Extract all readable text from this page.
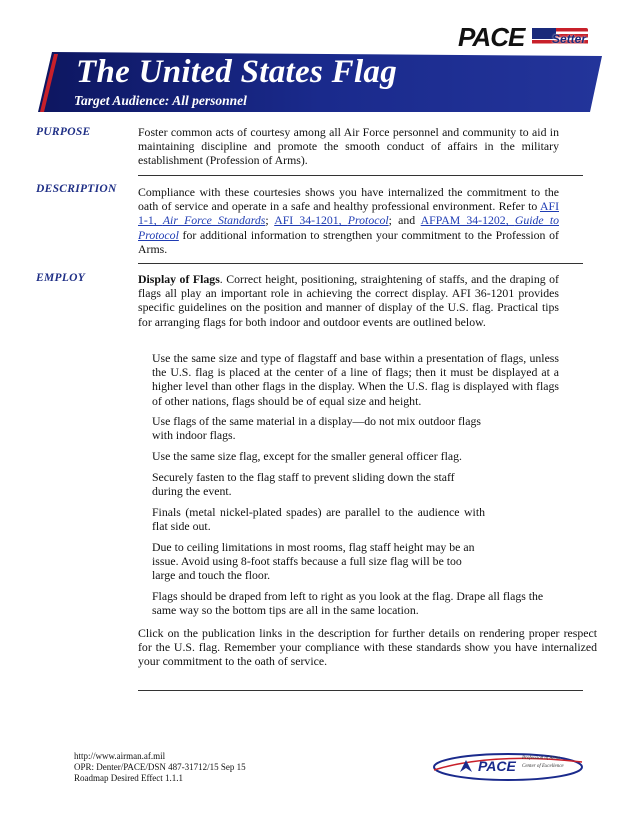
PACE Setter
The United States Flag
Target Audience: All personnel
PURPOSE	Foster common acts of courtesy among all Air Force personnel and community to aid in maintaining discipline and promote the smooth conduct of affairs in the military establishment (Profession of Arms).
DESCRIPTION Compliance with these courtesies shows you have internalized the commitment to the oath of service and operate in a safe and healthy professional environment. Refer to AFI 1-1, Air Force Standards; AFI 34-1201, Protocol; and AFPAM 34-1202, Guide to Protocol for additional information to strengthen your commitment to the Profession of Arms.
EMPLOY	Display of Flags. Correct height, positioning, straightening of staffs, and the draping of flags all play an important role in achieving the correct display. AFI 36-1201 provides specific guidelines on the position and manner of display of the U.S. flag. Practical tips for arranging flags for both indoor and outdoor events are outlined below.
Use the same size and type of flagstaff and base within a presentation of flags, unless the U.S. flag is placed at the center of a line of flags; then it must be displayed at a higher level than other flags in the display. When the U.S. flag is displayed with flags of other nations, flags should be of equal size and height.
Use flags of the same material in a display—do not mix outdoor flags with indoor flags.
Use the same size flag, except for the smaller general officer flag.
Securely fasten to the flag staff to prevent sliding down the staff during the event.
Finals (metal nickel-plated spades) are parallel to the audience with flat side out.
Due to ceiling limitations in most rooms, flag staff height may be an issue. Avoid using 8-foot staffs because a full size flag will be too large and touch the floor.
Flags should be draped from left to right as you look at the flag. Drape all flags the same way so the bottom tips are all in the same location.
Click on the publication links in the description for further details on rendering proper respect for the U.S. flag. Remember your compliance with these standards show you have internalized your commitment to the oath of service.
http://www.airman.af.mil
OPR: Denter/PACE/DSN 487-31712/15 Sep 15
Roadmap Desired Effect 1.1.1
PACE Profession of Arms
Center of Excellence
